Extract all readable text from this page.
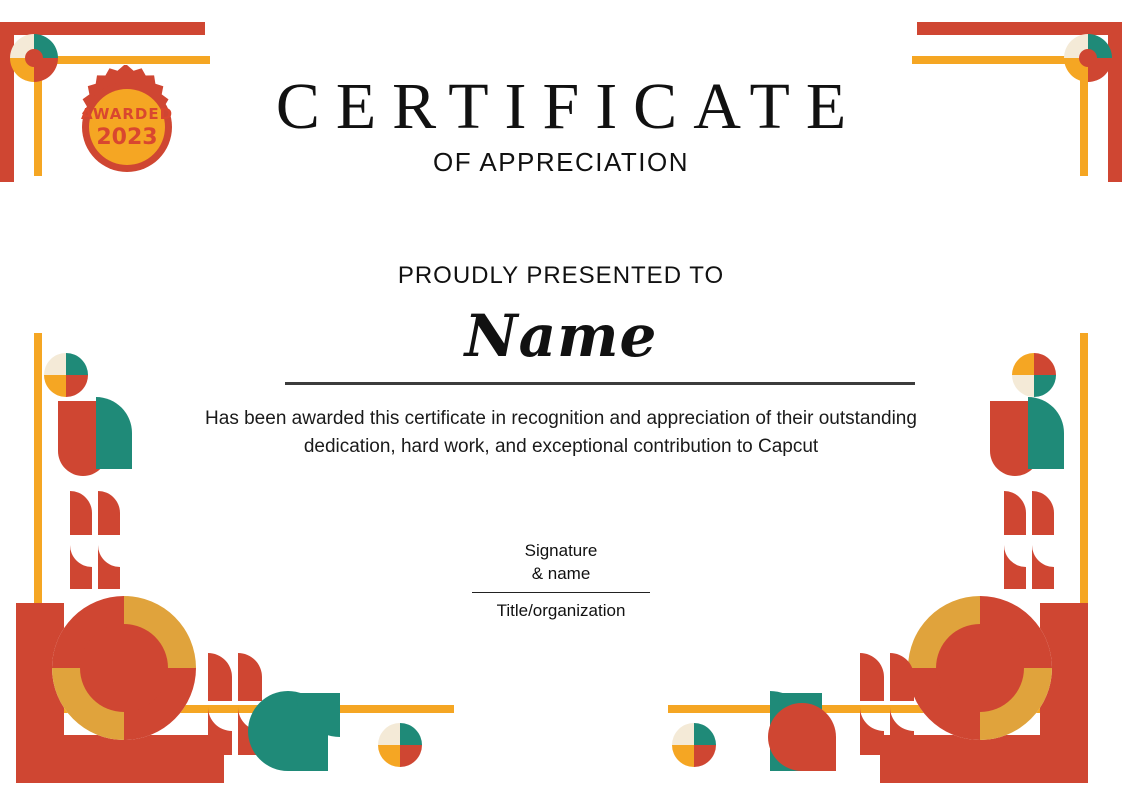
AWARDED
2023	CERTIFICATE
OF APPRECIATION
PROUDLY PRESENTED TO
Name
Has been awarded this certificate in recognition and appreciation of their outstanding dedication, hard work, and exceptional contribution to Capcut
Signature
& name
Title/organization
